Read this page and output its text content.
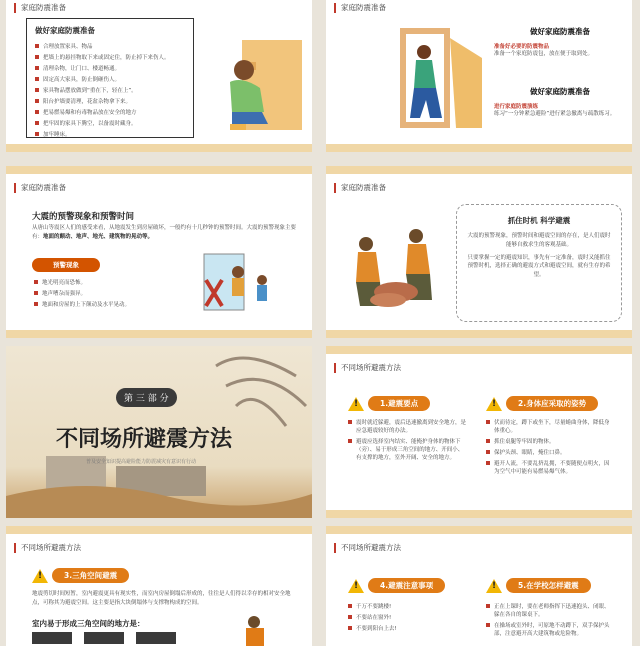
家庭防震准备
做好家庭防震准备
合理放置家具、物品
把墙上的悬挂物取下来或固定住，防止掉下来伤人。
清理杂物，让门口、楼道畅通。
固定高大家具，防止倒砸伤人。
家具物品摆放做到“重在下，轻在上”。
阳台护墙要清理，花盆杂物拿下来。
把易燃易爆和有毒物品放在安全的地方
把牢固的家具下腾空，以备震时藏身。
加牢睡床。
家庭防震准备
做好家庭防震准备
准备好必要的防震物品
准备一个家庭防震包，放在便于取到处。
做好家庭防震准备
进行家庭防震演练
练习“一分钟紧急避险”进行紧急撤离与疏散练习。
家庭防震准备
大震的预警现象和预警时间
从唐山等震区人们的感受来看，从地震发生到房屋破坏，一般约有十几秒钟的预警时间。大震的预警现象主要有：地面的颠动、地声、地光、建筑物的晃动等。
预警现象
地光明亮而恐怖。
地声嘈杂而强异。
地面和房屋的上下颠动及水平晃动。
家庭防震准备
抓住时机 科学避震
大震的预警现象，预警时间和避震空间的存在，是人们震时能够自救求生的客观基础。
只要掌握一定的避震知识，事先有一定准备，震时又能抓住预警时机，选择正确的避震方式和避震空间，就有生存的希望。
第 三 部 分
不同场所避震方法
普及安全知识提高避险能力防震减灾有意识有行动
不同场所避震方法
!
1.避震要点
震时就近躲避，震后迅速撤离到安全地方，是应急避震较好的办法。
避震应选择室内结实、能掩护身体的物体下（旁）、易于形成三角空间的地方、开间小、有支撑的地方，室外开阔、安全的地方。
!
2.身体应采取的姿势
伏而待定，蹲下或坐下，尽量蜷曲身体，降低身体重心。
抓住桌腿等牢固的物体。
保护头颈、眼睛，掩住口鼻。
避开人流，不要乱挤乱拥，不要随便点明火，因为空气中可能有易燃易爆气体。
不同场所避震方法
!
3.三角空间避震
地震剪切时间短暂，室内避震更具有现实性，而室内房屋倒塌后形成的，往往是人们得以幸存的相对安全地点，可称其为避震空间。这主要是指大块倒塌体与支撑物构成的空间。
室内易于形成三角空间的地方是：
不同场所避震方法
!
4.避震注意事项
千万不要跳楼!
不要站在窗外!
不要到阳台上去!
!
5.在学校怎样避震
正在上课时，要在老师指挥下迅速抱头、闭眼、躲在各自的课桌下。
在操场或室外时，可原地不动蹲下，双手保护头部，注意避开高大建筑物或危险物。
